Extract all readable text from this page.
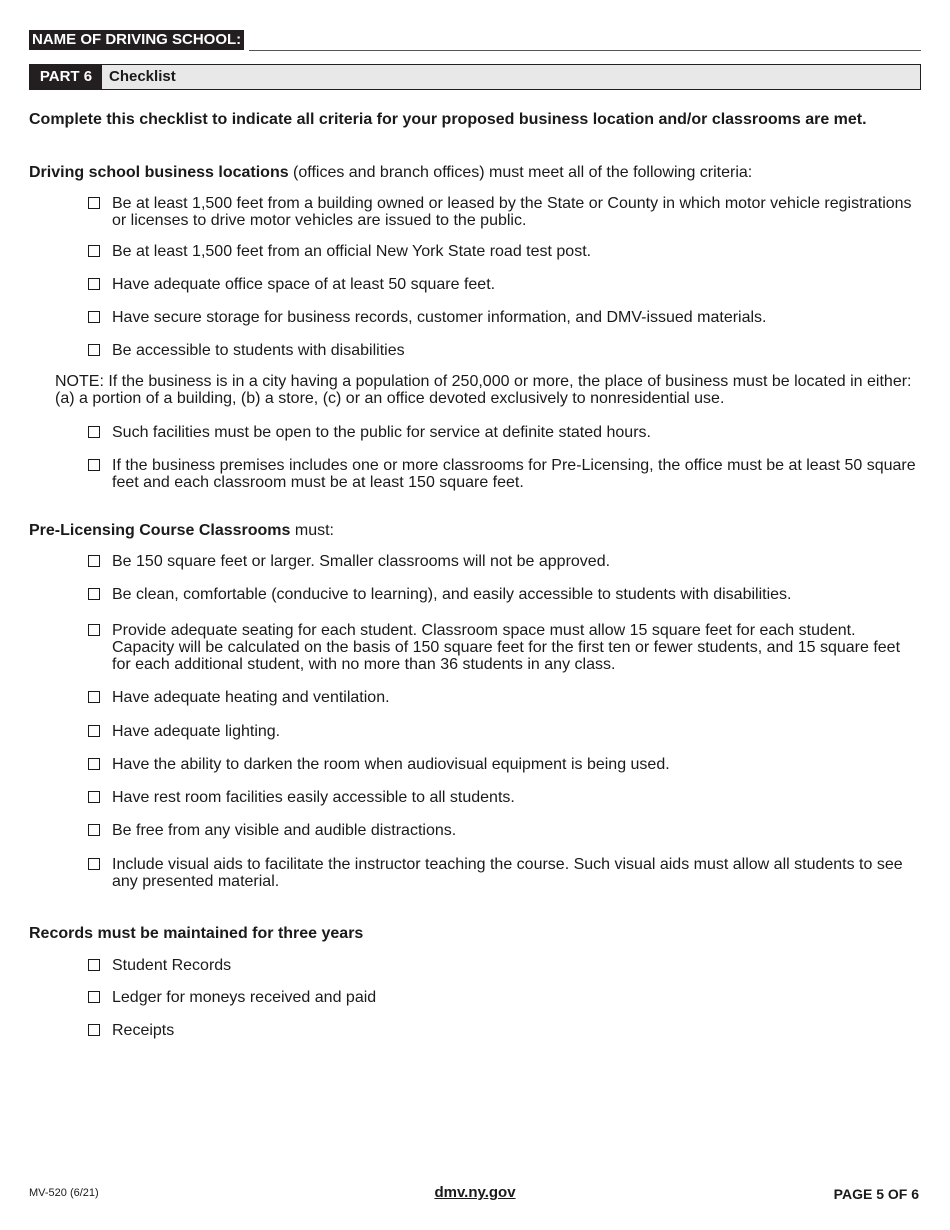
NAME OF DRIVING SCHOOL:
PART 6	Checklist
Complete this checklist to indicate all criteria for your proposed business location and/or classrooms are met.
Driving school business locations (offices and branch offices) must meet all of the following criteria:
Be at least 1,500 feet from a building owned or leased by the State or County in which motor vehicle registrations or licenses to drive motor vehicles are issued to the public.
Be at least 1,500 feet from an official New York State road test post.
Have adequate office space of at least 50 square feet.
Have secure storage for business records, customer information, and DMV-issued materials.
Be accessible to students with disabilities
NOTE: If the business is in a city having a population of 250,000 or more, the place of business must be located in either: (a) a portion of a building, (b) a store, (c) or an office devoted exclusively to nonresidential use.
Such facilities must be open to the public for service at definite stated hours.
If the business premises includes one or more classrooms for Pre-Licensing, the office must be at least 50 square feet and each classroom must be at least 150 square feet.
Pre-Licensing Course Classrooms must:
Be 150 square feet or larger. Smaller classrooms will not be approved.
Be clean, comfortable (conducive to learning), and easily accessible to students with disabilities.
Provide adequate seating for each student. Classroom space must allow 15 square feet for each student. Capacity will be calculated on the basis of 150 square feet for the first ten or fewer students, and 15 square feet for each additional student, with no more than 36 students in any class.
Have adequate heating and ventilation.
Have adequate lighting.
Have the ability to darken the room when audiovisual equipment is being used.
Have rest room facilities easily accessible to all students.
Be free from any visible and audible distractions.
Include visual aids to facilitate the instructor teaching the course. Such visual aids must allow all students to see any presented material.
Records must be maintained for three years
Student Records
Ledger for moneys received and paid
Receipts
MV-520 (6/21)	dmv.ny.gov	PAGE 5 OF 6
